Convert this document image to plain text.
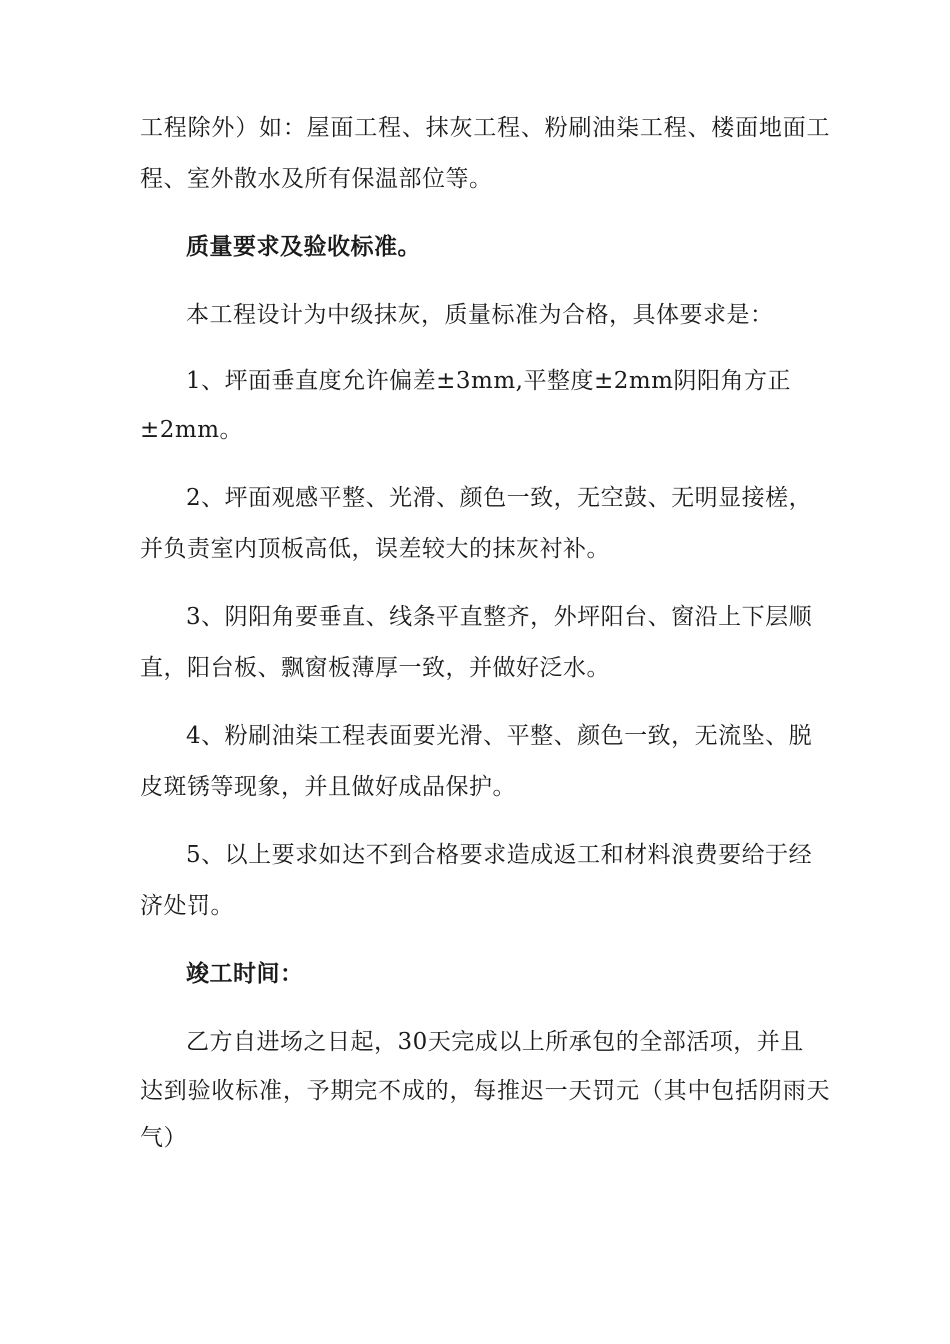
工程除外）如：屋面工程、抹灰工程、粉刷油柒工程、楼面地面工
程、室外散水及所有保温部位等。
质量要求及验收标准。
本工程设计为中级抹灰，质量标准为合格，具体要求是：
1、坪面垂直度允许偏差±3mm,平整度±2mm阴阳角方正
±2mm。
2、坪面观感平整、光滑、颜色一致，无空鼓、无明显接槎，
并负责室内顶板高低，误差较大的抹灰衬补。
3、阴阳角要垂直、线条平直整齐，外坪阳台、窗沿上下层顺
直，阳台板、飘窗板薄厚一致，并做好泛水。
4、粉刷油柒工程表面要光滑、平整、颜色一致，无流坠、脱
皮斑锈等现象，并且做好成品保护。
5、以上要求如达不到合格要求造成返工和材料浪费要给于经
济处罚。
竣工时间：
乙方自进场之日起，30天完成以上所承包的全部活项，并且
达到验收标准，予期完不成的，每推迟一天罚元（其中包括阴雨天
气）
